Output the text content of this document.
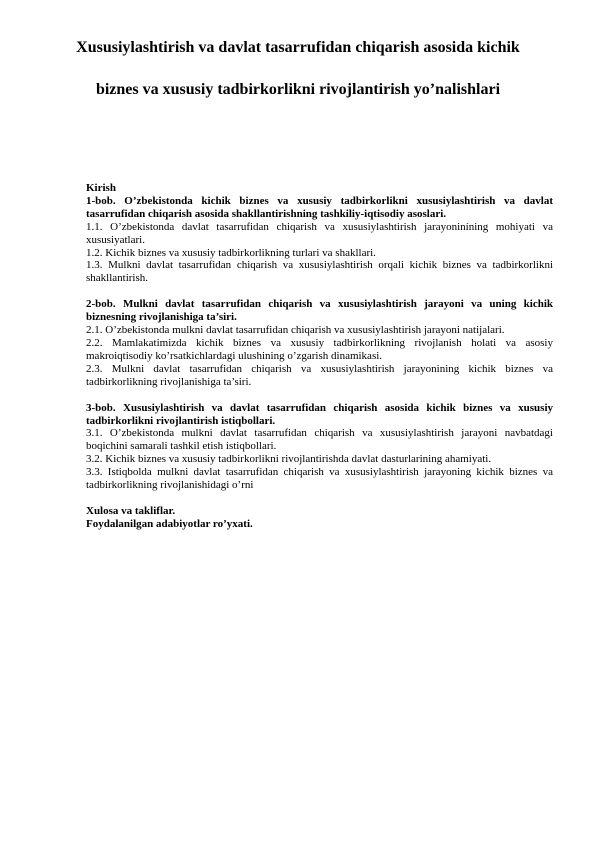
Xususiylashtirish va davlat tasarrufidan chiqarish asosida kichik
biznes va xususiy tadbirkorlikni rivojlantirish yo’nalishlari

Kirish

1-bob. O’zbekistonda kichik biznes va xususiy tadbirkorlikni xususiylashtirish va davlat tasarrufidan chiqarish asosida shakllantirishning tashkiliy-iqtisodiy asoslari.

1.1. O’zbekistonda davlat tasarrufidan chiqarish va xususiylashtirish jarayoniníning mohiyati va xususiyatlari.

1.2. Kichik biznes va xususiy tadbirkorlikning turlari va shakllari.

1.3. Mulkni davlat tasarrufidan chiqarish va xususiylashtirish orqali kichik biznes va tadbirkorlikni shakllantirish.

2-bob. Mulkni davlat tasarrufidan chiqarish va xususiylashtirish jarayoni va uning kichik biznesning rivojlanishiga ta’siri.

2.1. O’zbekistonda mulkni davlat tasarrufidan chiqarish va xususiylashtirish jarayoni natijalari.

2.2. Mamlakatimizda kichik biznes va xususiy tadbirkorlikning rivojlanish holati va asosiy makroiqtisodiy ko’rsatkichlardagi ulushining o’zgarish dinamikasi.

2.3. Mulkni davlat tasarrufidan chiqarish va xususiylashtirish jarayonining kichik biznes va tadbirkorlikning rivojlanishiga ta’siri.

3-bob. Xususiylashtirish va davlat tasarrufidan chiqarish asosida kichik biznes va xususiy tadbirkorlikni rivojlantirish istiqbollari.

3.1. O’zbekistonda mulkni davlat tasarrufidan chiqarish va xususiylashtirish jarayoni navbatdagi boqichini samarali tashkil etish istiqbollari.

3.2. Kichik biznes va xususiy tadbirkorlikni rivojlantirishda davlat dasturlarining ahamiyati.

3.3. Istiqbolda mulkni davlat tasarrufidan chiqarish va xususiylashtirish jarayoning kichik biznes va tadbirkorlikning rivojlanishidagi o’rni

Xulosa va takliflar.

Foydalanilgan adabiyotlar ro’yxati.
